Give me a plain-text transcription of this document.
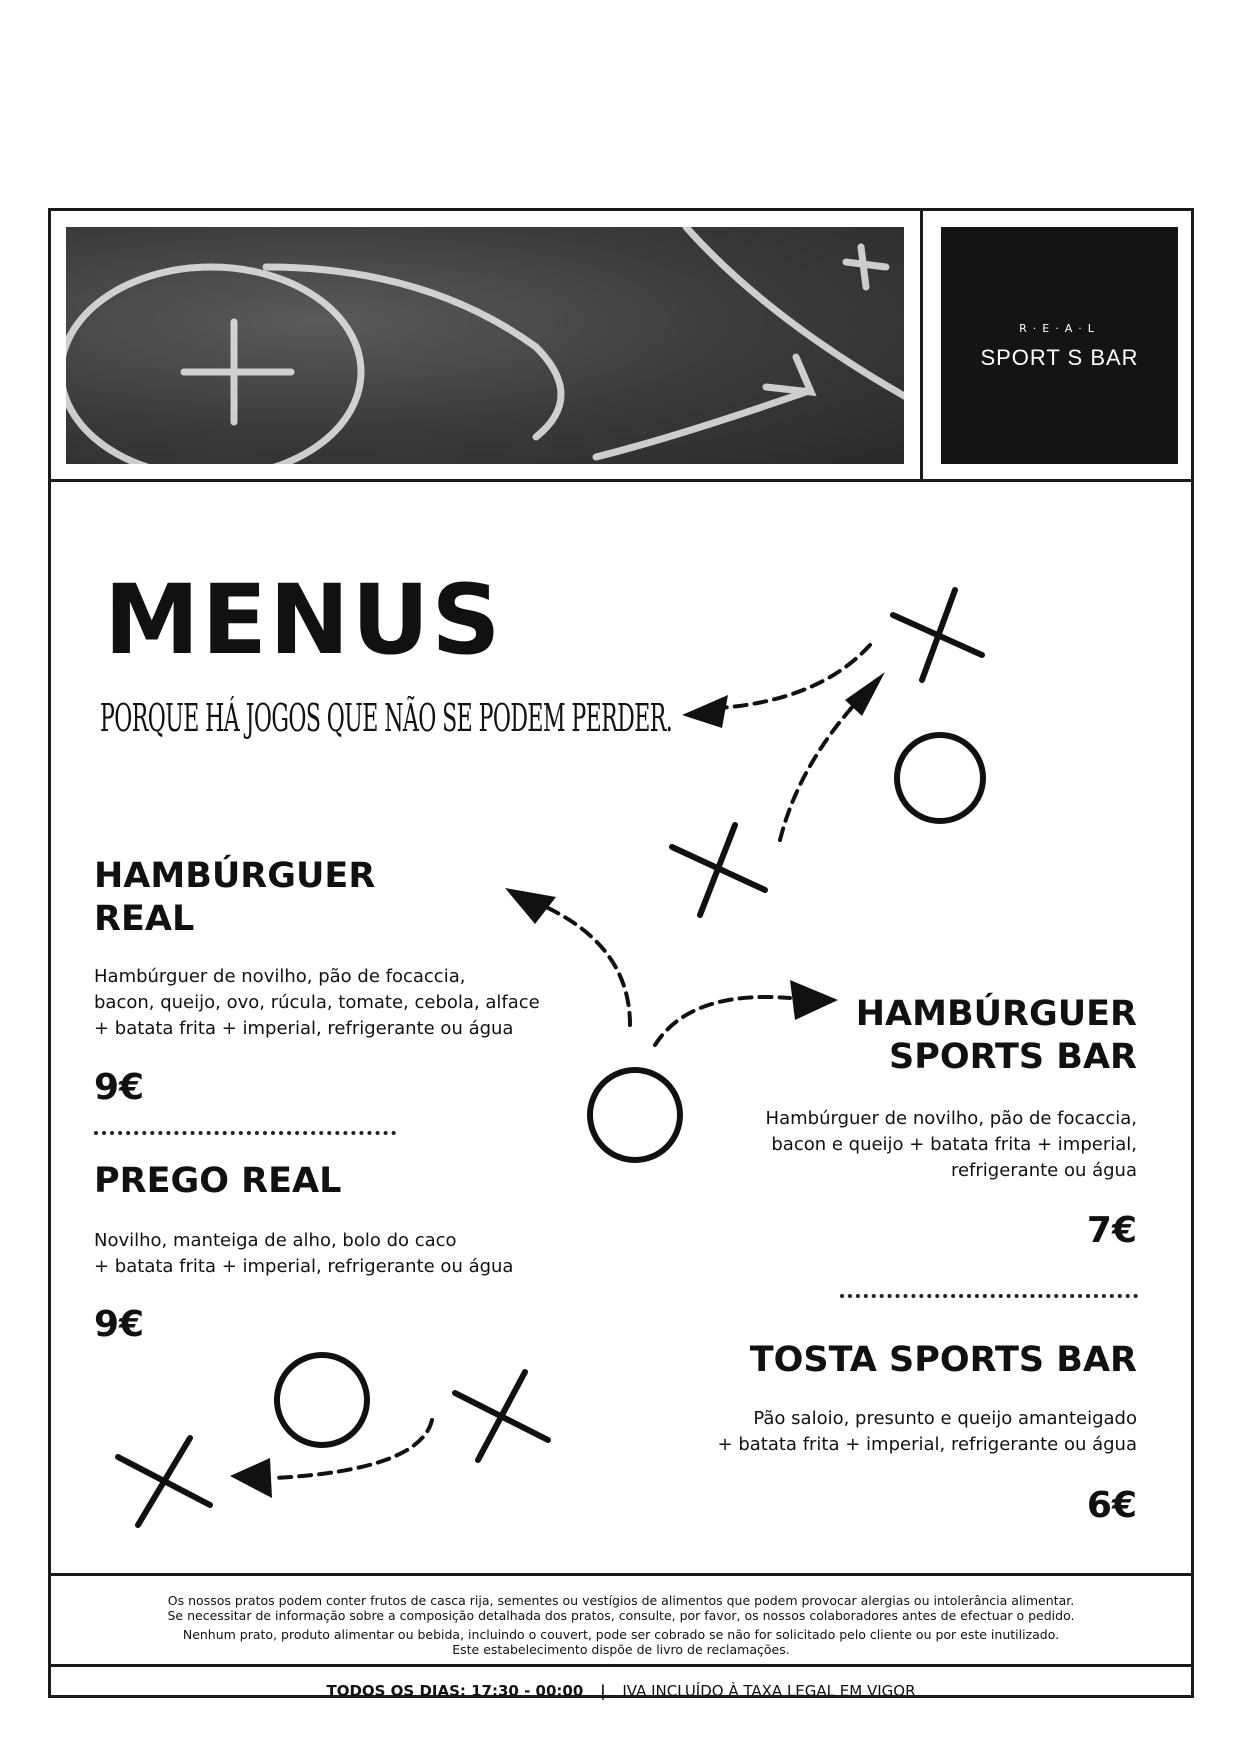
R·E·A·L
SPORT S BAR
MENUS
PORQUE HÁ JOGOS QUE NÃO SE PODEM PERDER.
HAMBÚRGUER
REAL
Hambúrguer de novilho, pão de focaccia,
bacon, queijo, ovo, rúcula, tomate, cebola, alface
+ batata frita + imperial, refrigerante ou água
9€
PREGO REAL
Novilho, manteiga de alho, bolo do caco
+ batata frita + imperial, refrigerante ou água
9€
HAMBÚRGUER
SPORTS BAR
Hambúrguer de novilho, pão de focaccia,
bacon e queijo + batata frita + imperial,
refrigerante ou água
7€
TOSTA SPORTS BAR
Pão saloio, presunto e queijo amanteigado
+ batata frita + imperial, refrigerante ou água
6€
Os nossos pratos podem conter frutos de casca rija, sementes ou vestígios de alimentos que podem provocar alergias ou intolerância alimentar.
Se necessitar de informação sobre a composição detalhada dos pratos, consulte, por favor, os nossos colaboradores antes de efectuar o pedido.
Nenhum prato, produto alimentar ou bebida, incluindo o couvert, pode ser cobrado se não for solicitado pelo cliente ou por este inutilizado.
Este estabelecimento dispõe de livro de reclamações.
TODOS OS DIAS: 17:30 - 00:00 | IVA INCLUÍDO À TAXA LEGAL EM VIGOR
